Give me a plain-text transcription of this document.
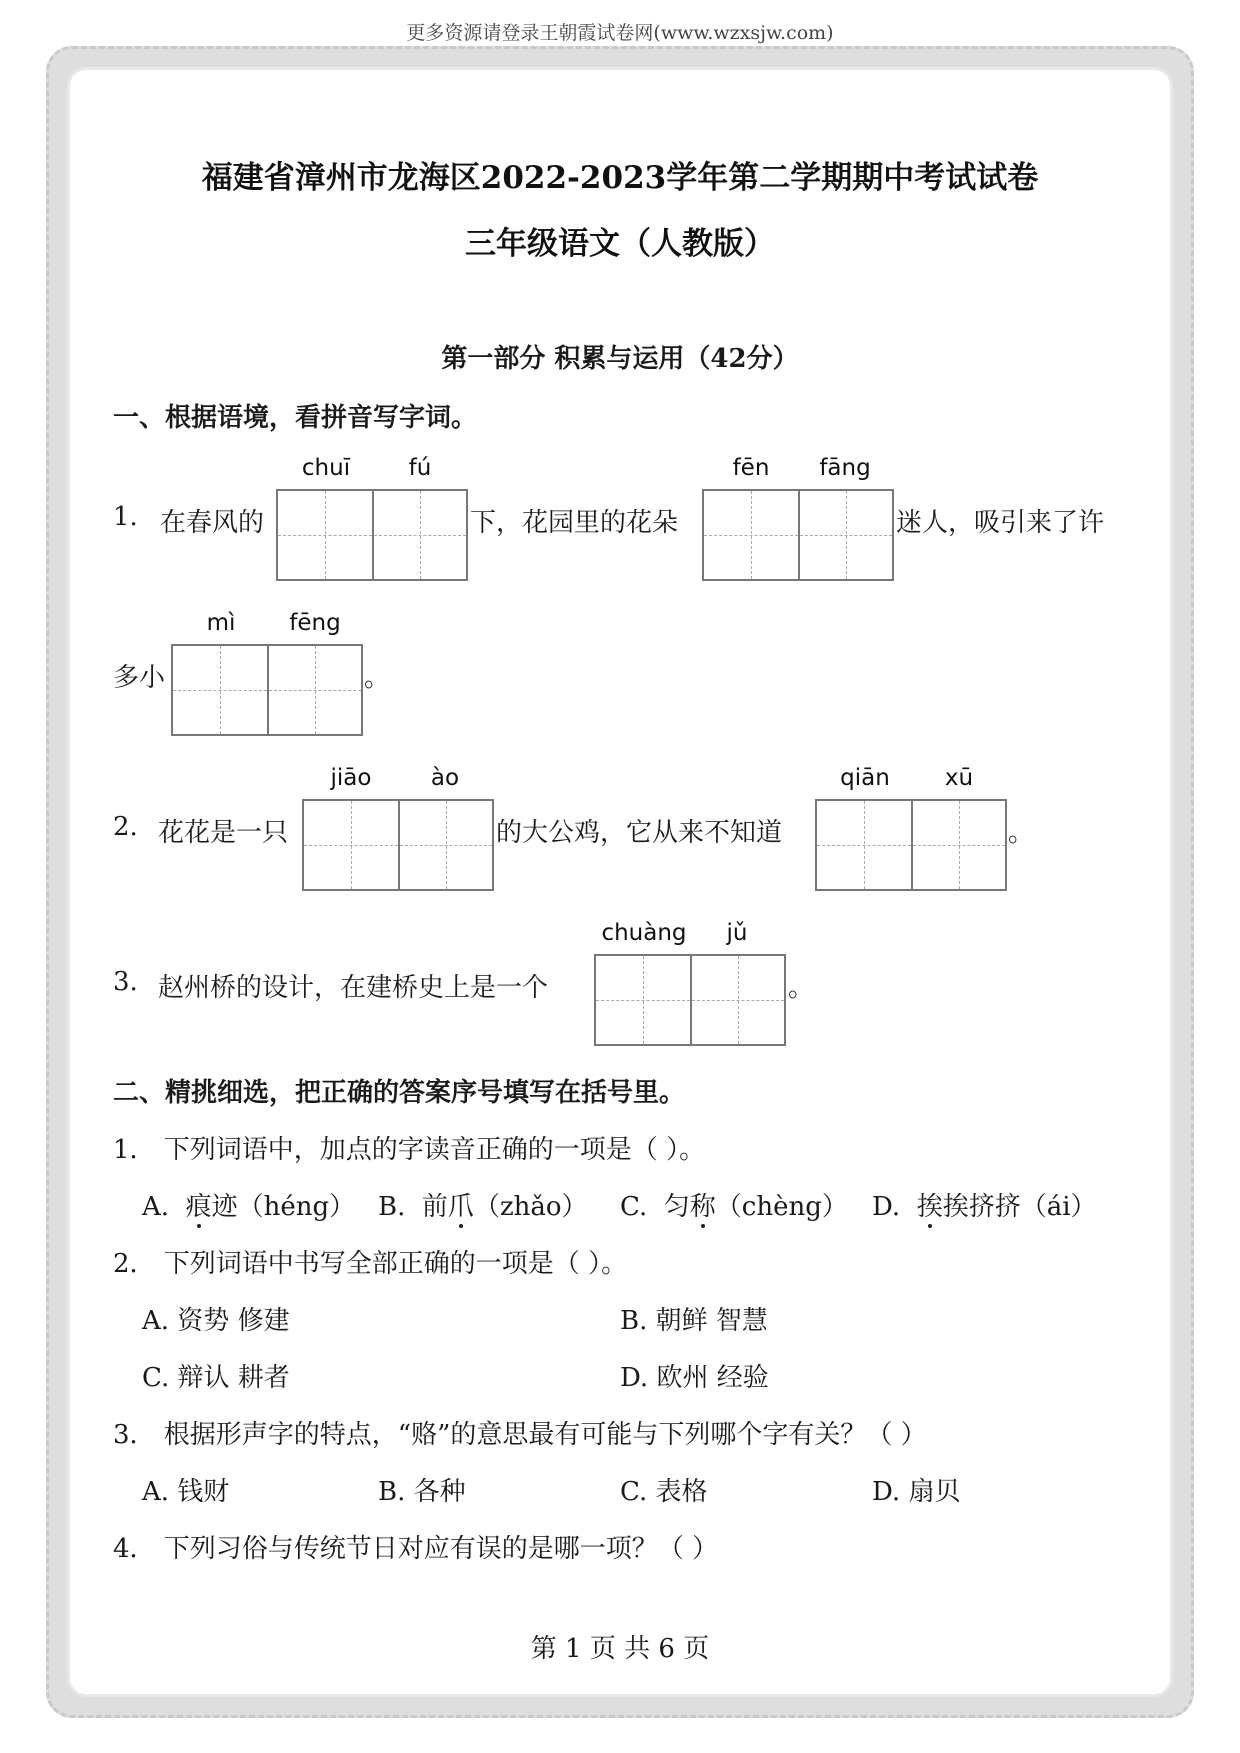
更多资源请登录王朝霞试卷网(www.wzxsjw.com)
福建省漳州市龙海区2022-2023学年第二学期期中考试试卷
三年级语文（人教版）
第一部分 积累与运用（42分）
一、根据语境，看拼音写字词。
1. 在春风的
chuī	fú
下，花园里的花朵
fēn	fāng
迷人，吸引来了许
多小
mì	fēng
。
2. 花花是一只
jiāo	ào
的大公鸡，它从来不知道
qiān	xū
。
3. 赵州桥的设计，在建桥史上是一个
chuàng	jǔ
。
二、精挑细选，把正确的答案序号填写在括号里。
1． 下列词语中，加点的字读音正确的一项是（ ）。
A. 痕迹（héng） B. 前爪（zhǎo） C. 匀称（chèng） D. 挨挨挤挤（ái）
2． 下列词语中书写全部正确的一项是（ ）。
A. 资势 修建	B. 朝鲜 智慧
C. 辩认 耕者	D. 欧州 经验
3． 根据形声字的特点，“赂”的意思最有可能与下列哪个字有关？（ ）
A. 钱财	B. 各种	C. 表格	D. 扇贝
4． 下列习俗与传统节日对应有误的是哪一项？（ ）
第 1 页 共 6 页
